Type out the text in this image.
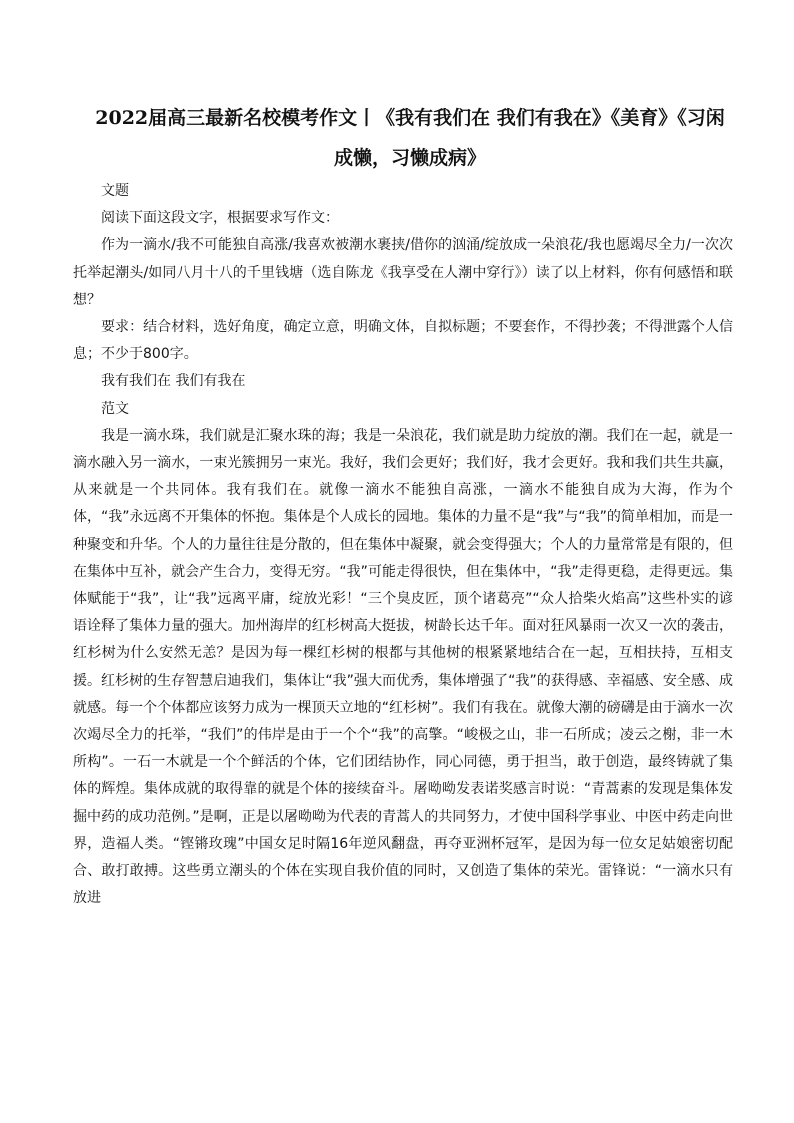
2022届高三最新名校模考作文丨《我有我们在 我们有我在》《美育》《习闲成懒，习懒成病》

文题

阅读下面这段文字，根据要求写作文：

作为一滴水/我不可能独自高涨/我喜欢被潮水裹挟/借你的汹涌/绽放成一朵浪花/我也愿竭尽全力/一次次托举起潮头/如同八月十八的千里钱塘（选自陈龙《我享受在人潮中穿行》）读了以上材料，你有何感悟和联想？

要求：结合材料，选好角度，确定立意，明确文体，自拟标题；不要套作，不得抄袭；不得泄露个人信息；不少于800字。

我有我们在 我们有我在

范文

我是一滴水珠，我们就是汇聚水珠的海；我是一朵浪花，我们就是助力绽放的潮。我们在一起，就是一滴水融入另一滴水，一束光簇拥另一束光。我好，我们会更好；我们好，我才会更好。我和我们共生共赢，从来就是一个共同体。我有我们在。就像一滴水不能独自高涨，一滴水不能独自成为大海，作为个体，“我”永远离不开集体的怀抱。集体是个人成长的园地。集体的力量不是“我”与“我”的简单相加，而是一种聚变和升华。个人的力量往往是分散的，但在集体中凝聚，就会变得强大；个人的力量常常是有限的，但在集体中互补，就会产生合力，变得无穷。“我”可能走得很快，但在集体中，“我”走得更稳，走得更远。集体赋能于“我”，让“我”远离平庸，绽放光彩！“三个臭皮匠，顶个诸葛亮”“众人拾柴火焰高”这些朴实的谚语诠释了集体力量的强大。加州海岸的红杉树高大挺拔，树龄长达千年。面对狂风暴雨一次又一次的袭击，红杉树为什么安然无恙？是因为每一棵红杉树的根都与其他树的根紧紧地结合在一起，互相扶持，互相支援。红杉树的生存智慧启迪我们，集体让“我”强大而优秀，集体增强了“我”的获得感、幸福感、安全感、成就感。每一个个体都应该努力成为一棵顶天立地的“红杉树”。我们有我在。就像大潮的磅礴是由于滴水一次次竭尽全力的托举，“我们”的伟岸是由于一个个“我”的高擎。“峻极之山，非一石所成；凌云之榭，非一木所构”。一石一木就是一个个鲜活的个体，它们团结协作，同心同德，勇于担当，敢于创造，最终铸就了集体的辉煌。集体成就的取得靠的就是个体的接续奋斗。屠呦呦发表诺奖感言时说：“青蒿素的发现是集体发掘中药的成功范例。”是啊，正是以屠呦呦为代表的青蒿人的共同努力，才使中国科学事业、中医中药走向世界，造福人类。“铿锵玫瑰”中国女足时隔16年逆风翻盘，再夺亚洲杯冠军，是因为每一位女足姑娘密切配合、敢打敢搏。这些勇立潮头的个体在实现自我价值的同时，又创造了集体的荣光。雷锋说：“一滴水只有放进
